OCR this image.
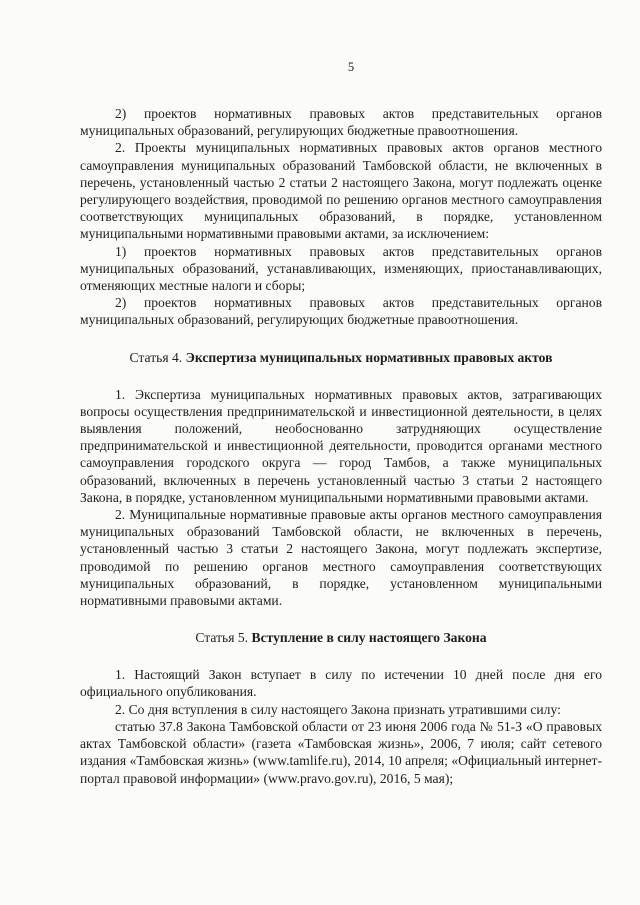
5

2) проектов нормативных правовых актов представительных органов муниципальных образований, регулирующих бюджетные правоотношения.

2. Проекты муниципальных нормативных правовых актов органов местного самоуправления муниципальных образований Тамбовской области, не включенных в перечень, установленный частью 2 статьи 2 настоящего Закона, могут подлежать оценке регулирующего воздействия, проводимой по решению органов местного самоуправления соответствующих муниципальных образований, в порядке, установленном муниципальными нормативными правовыми актами, за исключением:

1) проектов нормативных правовых актов представительных органов муниципальных образований, устанавливающих, изменяющих, приостанавливающих, отменяющих местные налоги и сборы;

2) проектов нормативных правовых актов представительных органов муниципальных образований, регулирующих бюджетные правоотношения.

Статья 4. Экспертиза муниципальных нормативных правовых актов

1. Экспертиза муниципальных нормативных правовых актов, затрагивающих вопросы осуществления предпринимательской и инвестиционной деятельности, в целях выявления положений, необоснованно затрудняющих осуществление предпринимательской и инвестиционной деятельности, проводится органами местного самоуправления городского округа — город Тамбов, а также муниципальных образований, включенных в перечень установленный частью 3 статьи 2 настоящего Закона, в порядке, установленном муниципальными нормативными правовыми актами.

2. Муниципальные нормативные правовые акты органов местного самоуправления муниципальных образований Тамбовской области, не включенных в перечень, установленный частью 3 статьи 2 настоящего Закона, могут подлежать экспертизе, проводимой по решению органов местного самоуправления соответствующих муниципальных образований, в порядке, установленном муниципальными нормативными правовыми актами.

Статья 5. Вступление в силу настоящего Закона

1. Настоящий Закон вступает в силу по истечении 10 дней после дня его официального опубликования.

2. Со дня вступления в силу настоящего Закона признать утратившими силу:

статью 37.8 Закона Тамбовской области от 23 июня 2006 года № 51-З «О правовых актах Тамбовской области» (газета «Тамбовская жизнь», 2006, 7 июля; сайт сетевого издания «Тамбовская жизнь» (www.tamlife.ru), 2014, 10 апреля; «Официальный интернет-портал правовой информации» (www.pravo.gov.ru), 2016, 5 мая);
